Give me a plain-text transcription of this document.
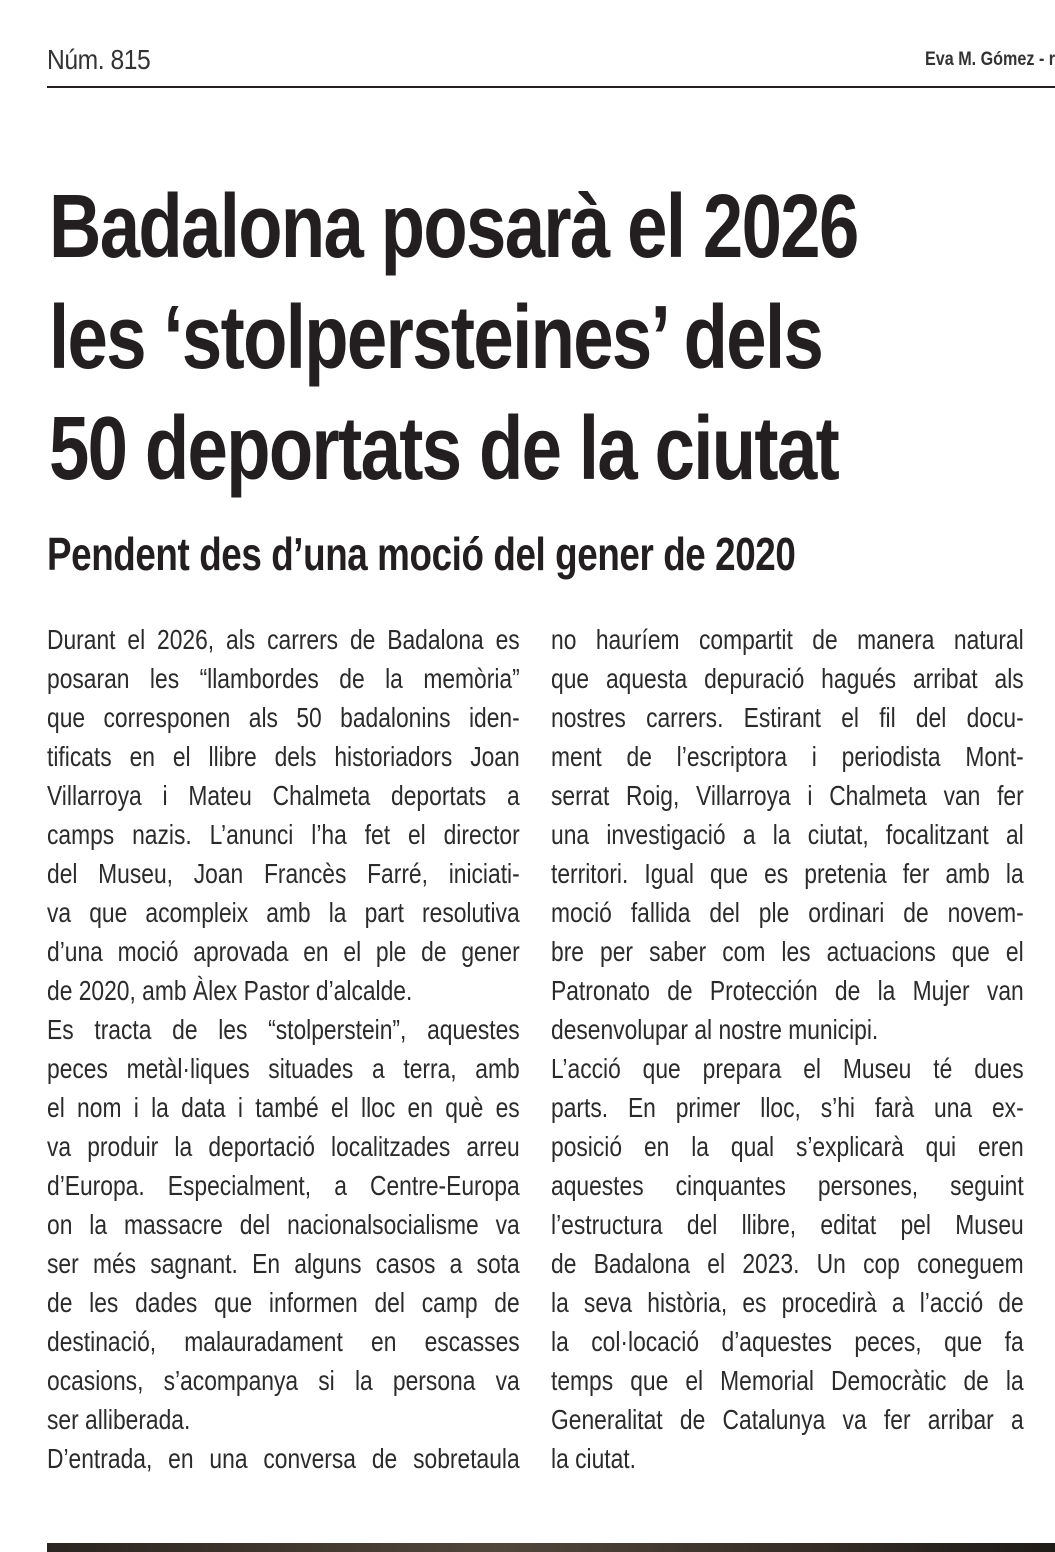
Núm. 815	Eva M. Gómez - r
Badalona posarà el 2026
les ‘stolpersteines’ dels
50 deportats de la ciutat
Pendent des d’una moció del gener de 2020
Durant el 2026, als carrers de Badalona es
posaran les “llambordes de la memòria”
que corresponen als 50 badalonins iden-
tificats en el llibre dels historiadors Joan
Villarroya i Mateu Chalmeta deportats a
camps nazis. L’anunci l’ha fet el director
del Museu, Joan Francès Farré, iniciati-
va que acompleix amb la part resolutiva
d’una moció aprovada en el ple de gener
de 2020, amb Àlex Pastor d’alcalde.
Es tracta de les “stolperstein”, aquestes
peces metàl·liques situades a terra, amb
el nom i la data i també el lloc en què es
va produir la deportació localitzades arreu
d’Europa. Especialment, a Centre-Europa
on la massacre del nacionalsocialisme va
ser més sagnant. En alguns casos a sota
de les dades que informen del camp de
destinació, malauradament en escasses
ocasions, s’acompanya si la persona va
ser alliberada.
D’entrada, en una conversa de sobretaula
no hauríem compartit de manera natural
que aquesta depuració hagués arribat als
nostres carrers. Estirant el fil del docu-
ment de l’escriptora i periodista Mont-
serrat Roig, Villarroya i Chalmeta van fer
una investigació a la ciutat, focalitzant al
territori. Igual que es pretenia fer amb la
moció fallida del ple ordinari de novem-
bre per saber com les actuacions que el
Patronato de Protección de la Mujer van
desenvolupar al nostre municipi.
L’acció que prepara el Museu té dues
parts. En primer lloc, s’hi farà una ex-
posició en la qual s’explicarà qui eren
aquestes cinquantes persones, seguint
l’estructura del llibre, editat pel Museu
de Badalona el 2023. Un cop coneguem
la seva història, es procedirà a l’acció de
la col·locació d’aquestes peces, que fa
temps que el Memorial Democràtic de la
Generalitat de Catalunya va fer arribar a
la ciutat.
